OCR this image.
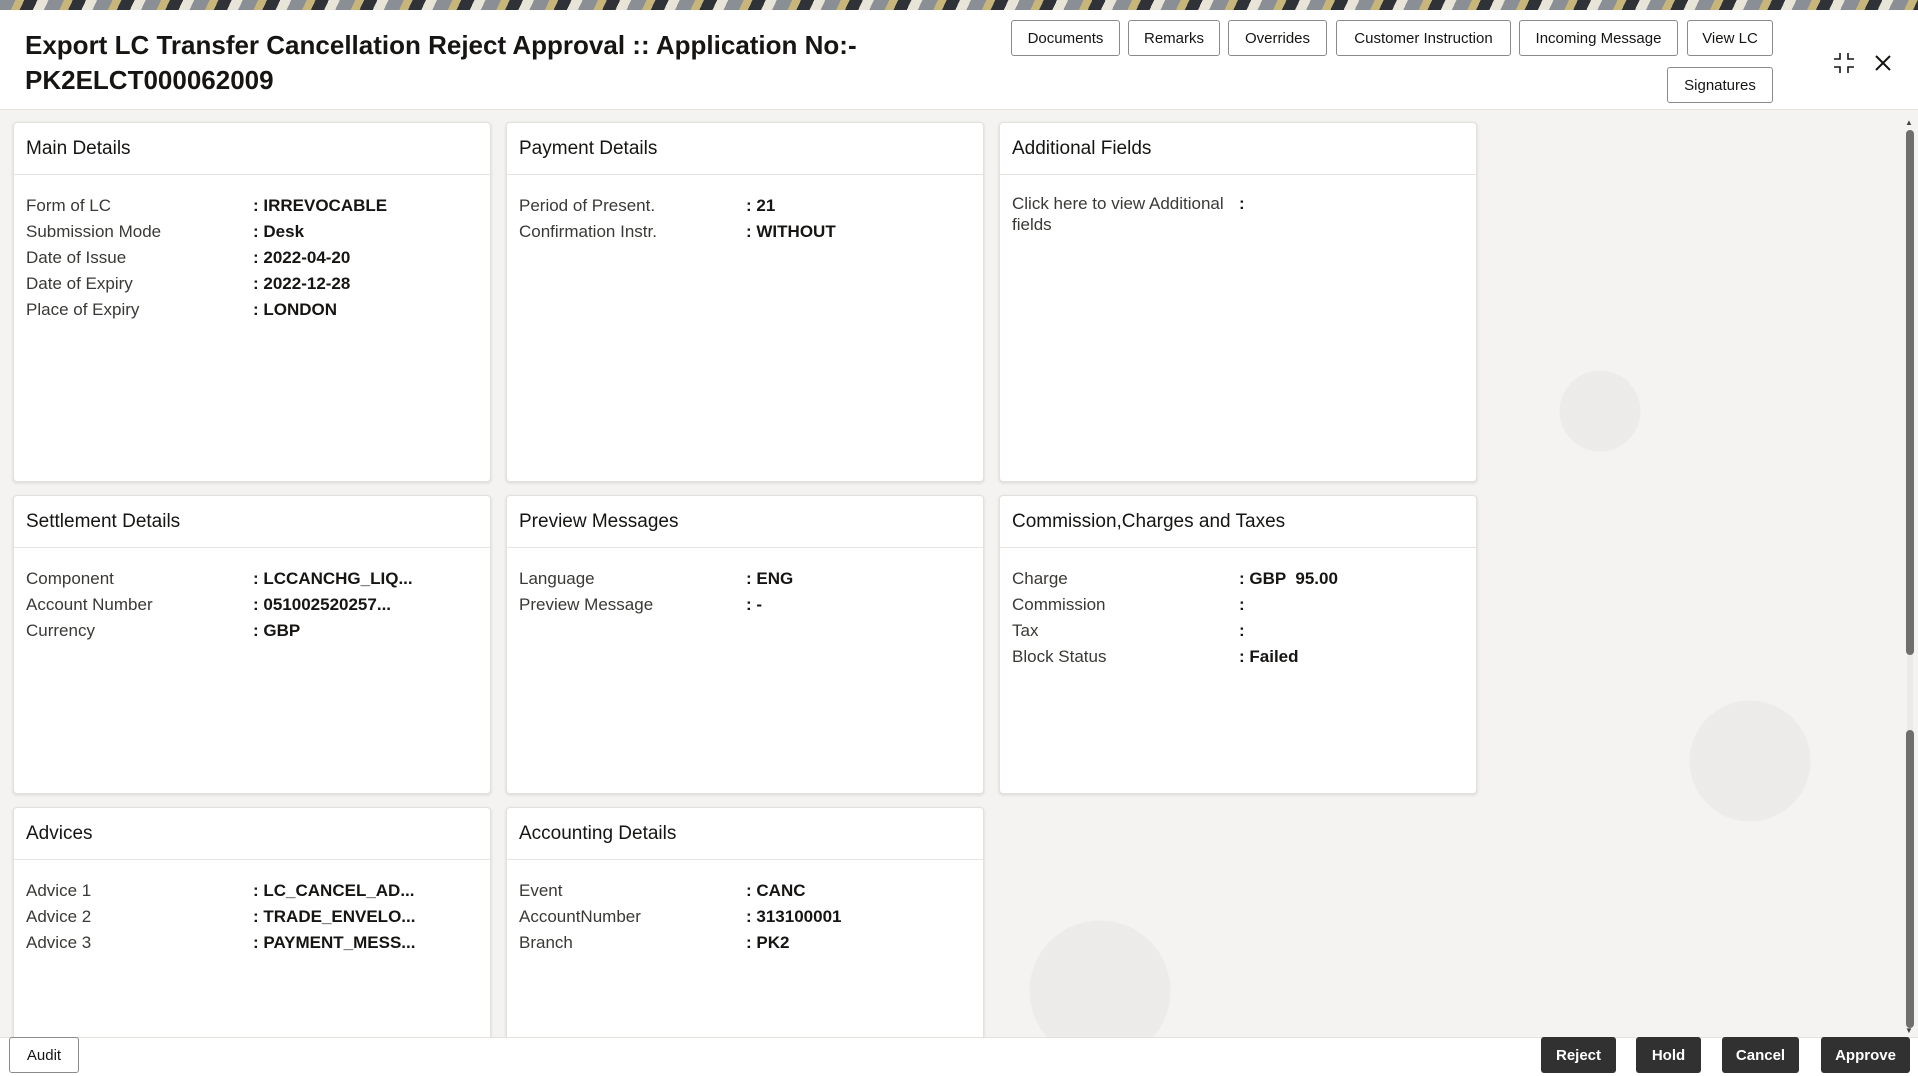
Export LC Transfer Cancellation Reject Approval :: Application No:- PK2ELCT000062009
Documents	Remarks	Overrides	Customer Instruction	Incoming Message	View LC
Signatures
Main Details
Form of LC	: IRREVOCABLE
Submission Mode	: Desk
Date of Issue	: 2022-04-20
Date of Expiry	: 2022-12-28
Place of Expiry	: LONDON
Payment Details
Period of Present.	: 21
Confirmation Instr.	: WITHOUT
Additional Fields
Click here to view Additional fields
:
Settlement Details
Component	: LCCANCHG_LIQ...
Account Number	: 051002520257...
Currency	: GBP
Preview Messages
Language	: ENG
Preview Message	: -
Commission,Charges and Taxes
Charge	: GBP  95.00
Commission	:
Tax	:
Block Status	: Failed
Advices
Advice 1	: LC_CANCEL_AD...
Advice 2	: TRADE_ENVELO...
Advice 3	: PAYMENT_MESS...
Accounting Details
Event	: CANC
AccountNumber	: 313100001
Branch	: PK2
▲
▼
Audit	Reject	Hold	Cancel	Approve
